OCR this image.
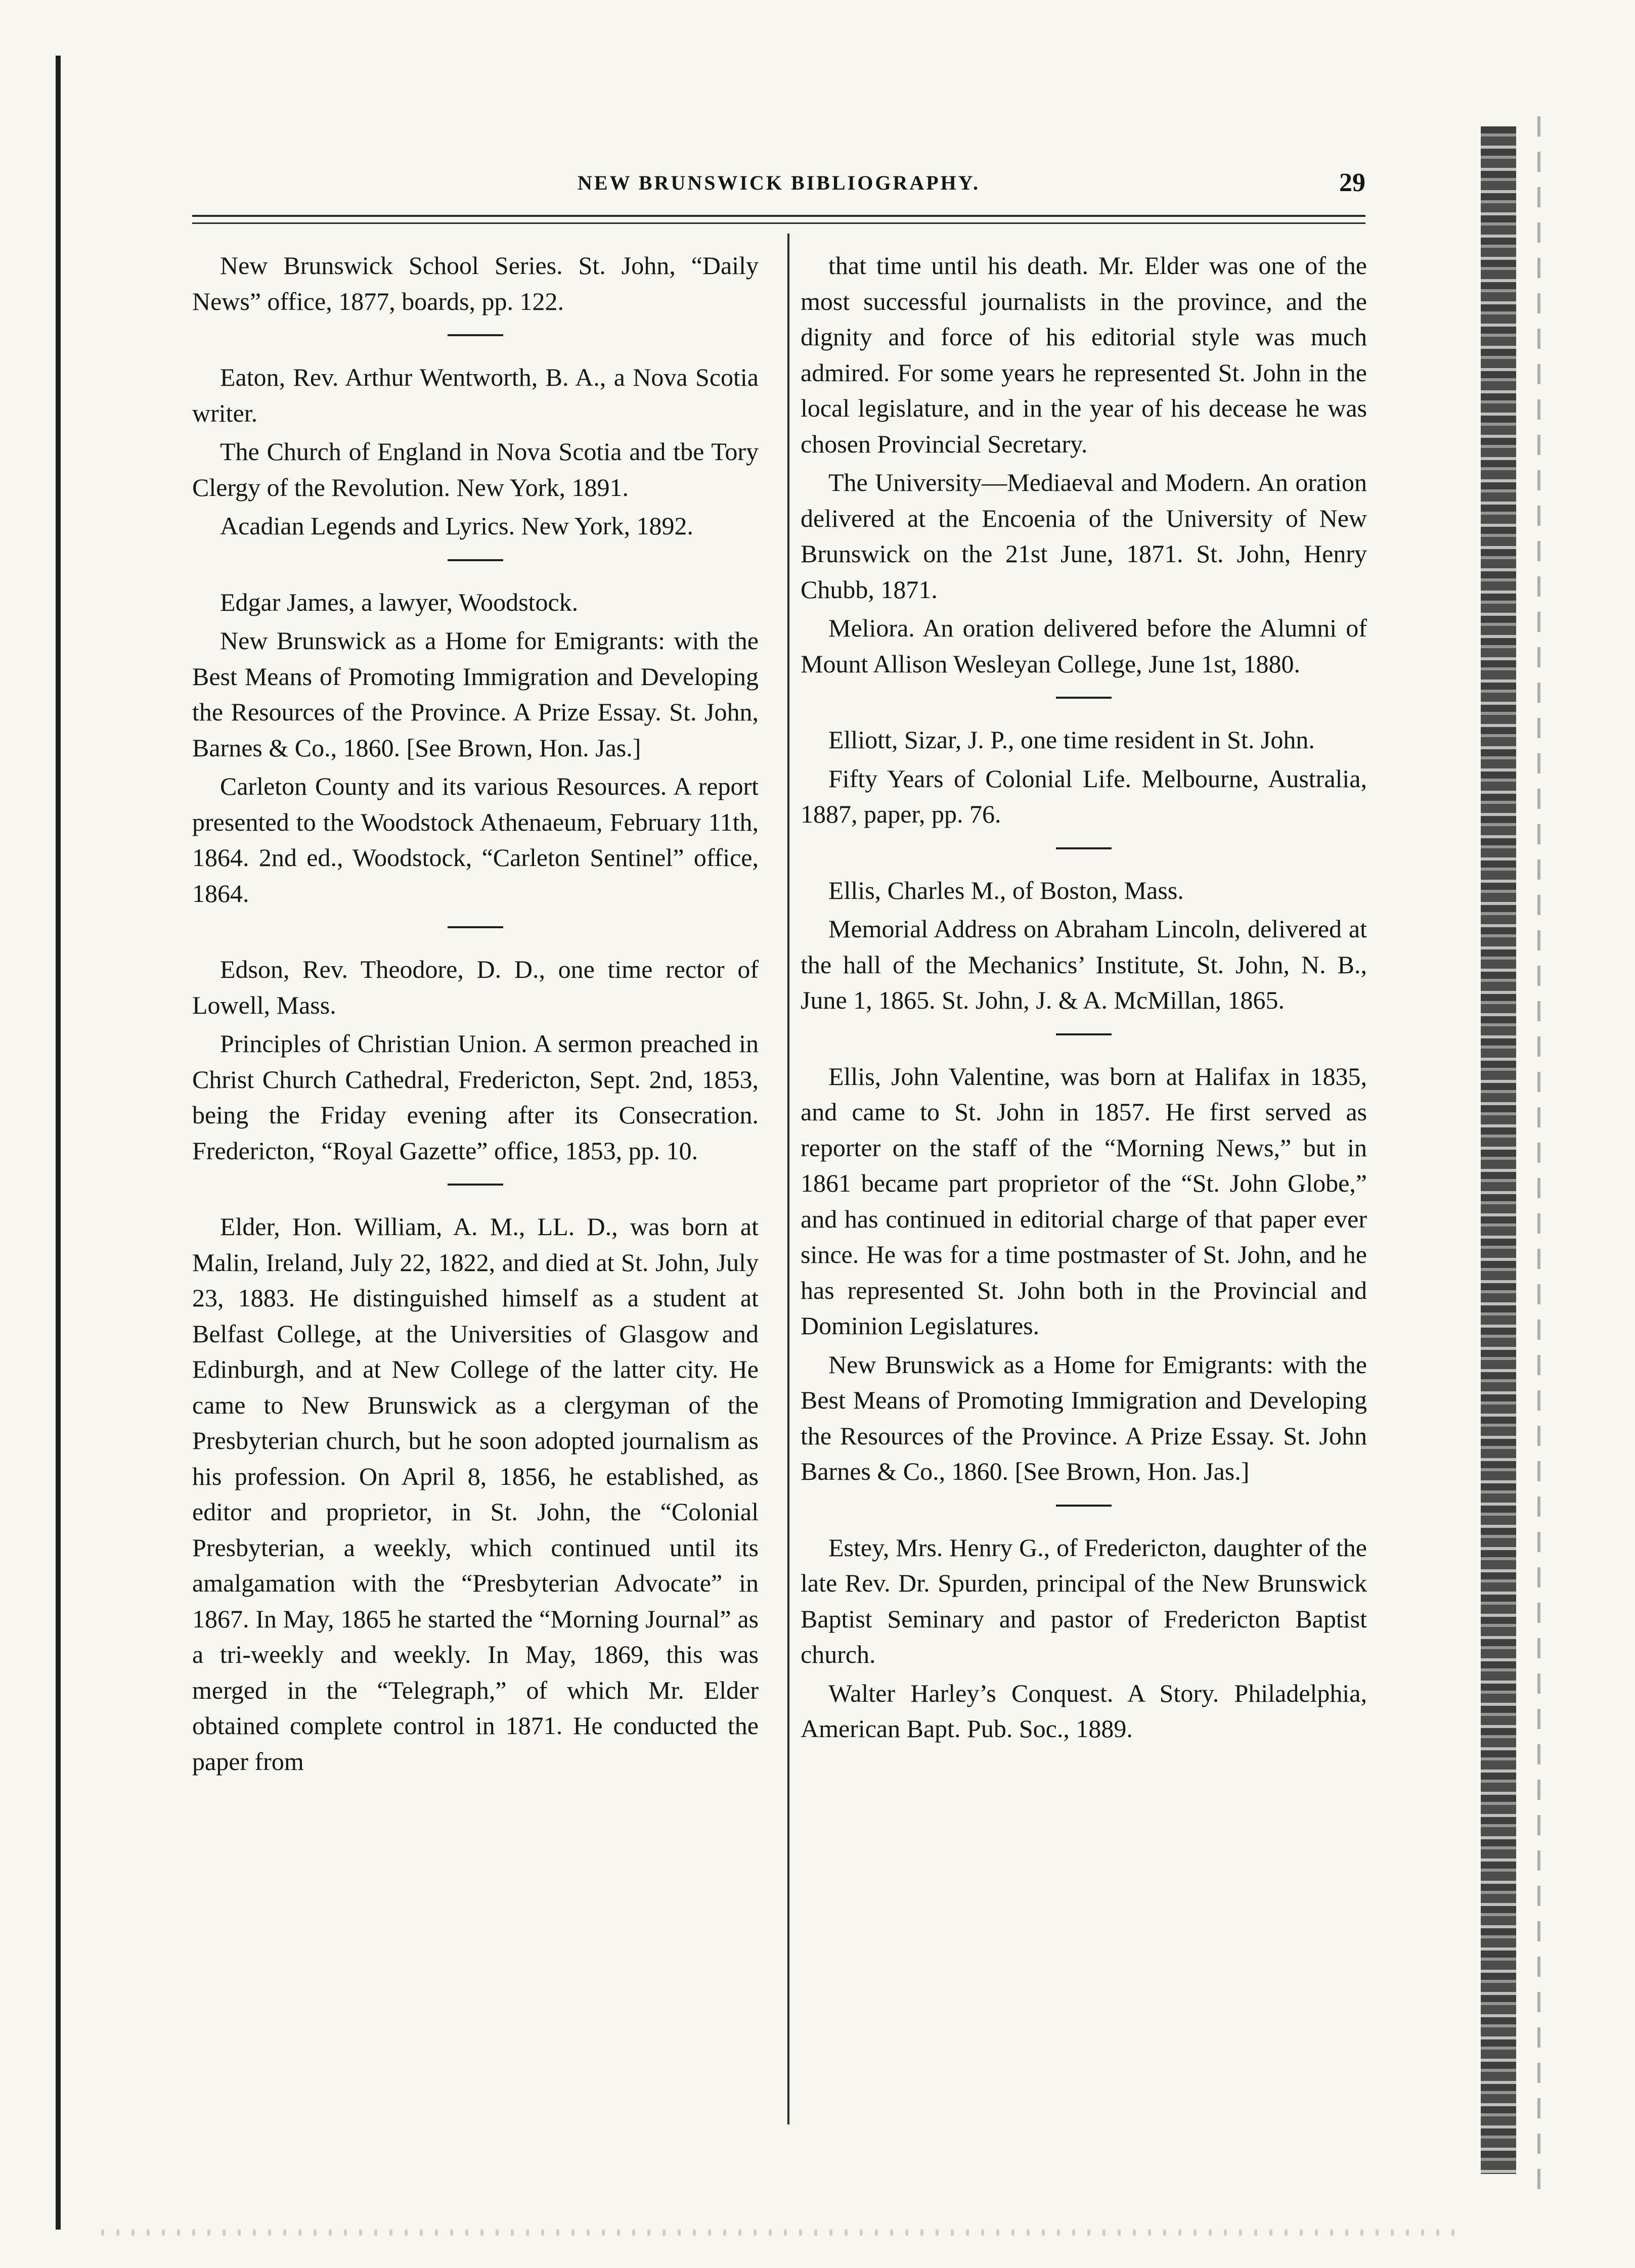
NEW BRUNSWICK BIBLIOGRAPHY.	29

New Brunswick School Series. St. John, “Daily News” office, 1877, boards, pp. 122.

Eaton, Rev. Arthur Wentworth, B. A., a Nova Scotia writer.

The Church of England in Nova Scotia and tbe Tory Clergy of the Revolution. New York, 1891.

Acadian Legends and Lyrics. New York, 1892.

Edgar James, a lawyer, Woodstock.

New Brunswick as a Home for Emigrants: with the Best Means of Promoting Immigration and Developing the Resources of the Province. A Prize Essay. St. John, Barnes & Co., 1860. [See Brown, Hon. Jas.]

Carleton County and its various Resources. A report presented to the Woodstock Athenaeum, February 11th, 1864. 2nd ed., Woodstock, “Carleton Sentinel” office, 1864.

Edson, Rev. Theodore, D. D., one time rector of Lowell, Mass.

Principles of Christian Union. A sermon preached in Christ Church Cathedral, Fredericton, Sept. 2nd, 1853, being the Friday evening after its Consecration. Fredericton, “Royal Gazette” office, 1853, pp. 10.

Elder, Hon. William, A. M., LL. D., was born at Malin, Ireland, July 22, 1822, and died at St. John, July 23, 1883. He distinguished himself as a student at Belfast College, at the Universities of Glasgow and Edinburgh, and at New College of the latter city. He came to New Brunswick as a clergyman of the Presbyterian church, but he soon adopted journalism as his profession. On April 8, 1856, he established, as editor and proprietor, in St. John, the “Colonial Presbyterian, a weekly, which continued until its amalgamation with the “Presbyterian Advocate” in 1867. In May, 1865 he started the “Morning Journal” as a tri-weekly and weekly. In May, 1869, this was merged in the “Telegraph,” of which Mr. Elder obtained complete control in 1871. He conducted the paper from

that time until his death. Mr. Elder was one of the most successful journalists in the province, and the dignity and force of his editorial style was much admired. For some years he represented St. John in the local legislature, and in the year of his decease he was chosen Provincial Secretary.

The University—Mediaeval and Modern. An oration delivered at the Encoenia of the University of New Brunswick on the 21st June, 1871. St. John, Henry Chubb, 1871.

Meliora. An oration delivered before the Alumni of Mount Allison Wesleyan College, June 1st, 1880.

Elliott, Sizar, J. P., one time resident in St. John.

Fifty Years of Colonial Life. Melbourne, Australia, 1887, paper, pp. 76.

Ellis, Charles M., of Boston, Mass.

Memorial Address on Abraham Lincoln, delivered at the hall of the Mechanics’ Institute, St. John, N. B., June 1, 1865. St. John, J. & A. McMillan, 1865.

Ellis, John Valentine, was born at Halifax in 1835, and came to St. John in 1857. He first served as reporter on the staff of the “Morning News,” but in 1861 became part proprietor of the “St. John Globe,” and has continued in editorial charge of that paper ever since. He was for a time postmaster of St. John, and he has represented St. John both in the Provincial and Dominion Legislatures.

New Brunswick as a Home for Emigrants: with the Best Means of Promoting Immigration and Developing the Resources of the Province. A Prize Essay. St. John Barnes & Co., 1860. [See Brown, Hon. Jas.]

Estey, Mrs. Henry G., of Fredericton, daughter of the late Rev. Dr. Spurden, principal of the New Brunswick Baptist Seminary and pastor of Fredericton Baptist church.

Walter Harley’s Conquest. A Story. Philadelphia, American Bapt. Pub. Soc., 1889.
